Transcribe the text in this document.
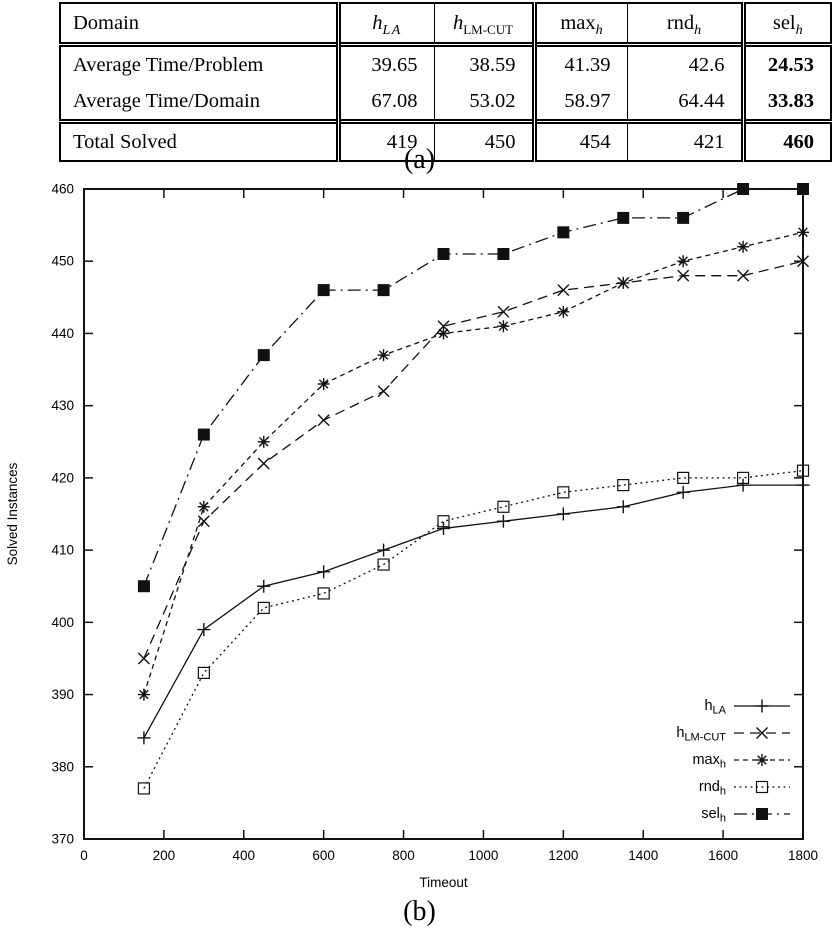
Domain	$h_{LA}$	$h_{LM-CUT}$	$\max_h$	rnd$_h$	sel$_h$
Average Time/Problem	39.65	38.59	41.39	42.6	24.53
Average Time/Domain	67.08	53.02	58.97	64.44	33.83
Total Solved	419	450	454	421	460
(a)
0	200	400	600	800	1000	1200	1400	1600	1800
370
380
390
400
410
420
430
440
450
460
Timeout
Solved Instances
$h_{LA}$
$h_{LM-CUT}$
$\max_h$
rnd$_h$
sel$_h$
(b)
